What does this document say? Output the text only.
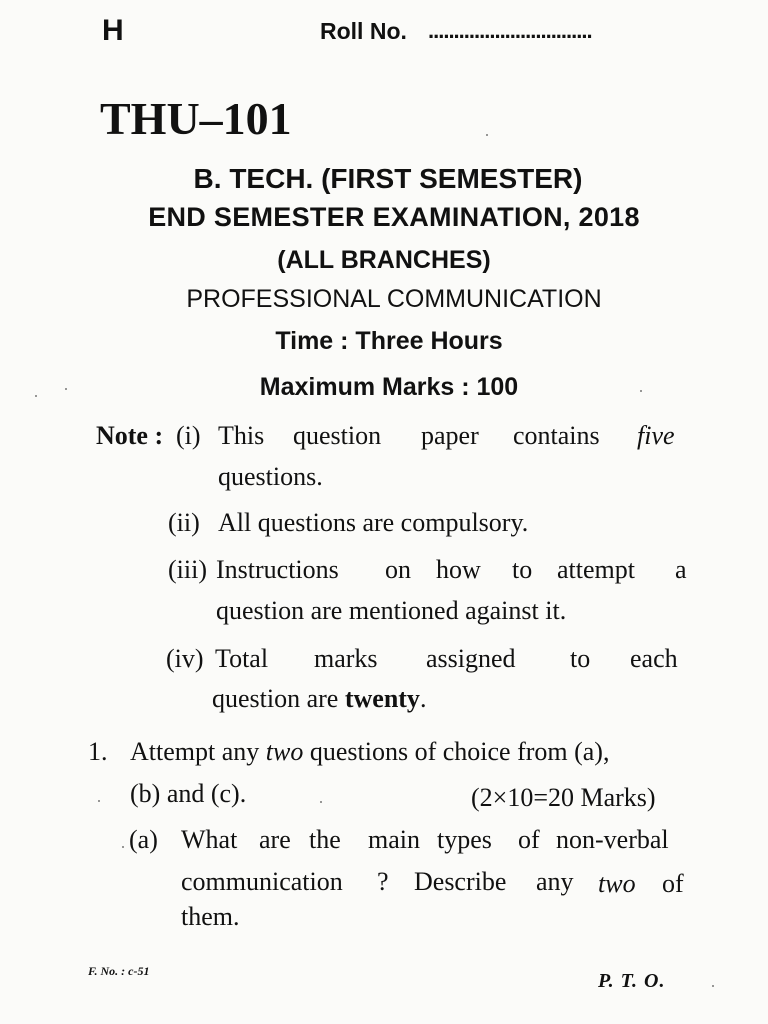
H	Roll No. ................................
THU–101
B. TECH. (FIRST SEMESTER)
END SEMESTER EXAMINATION, 2018
(ALL BRANCHES)
PROFESSIONAL COMMUNICATION
Time : Three Hours
Maximum Marks : 100
Note : (i) This question paper contains five
questions.
(ii) All questions are compulsory.
(iii) Instructions on how to attempt a
question are mentioned against it.
(iv) Total marks assigned to each
question are twenty.
1. Attempt any two questions of choice from (a),
(b) and (c).	(2×10=20 Marks)
(a) What are the main types of non-verbal
communication ? Describe any two of
them.
F. No. : c-51	P. T. O.
